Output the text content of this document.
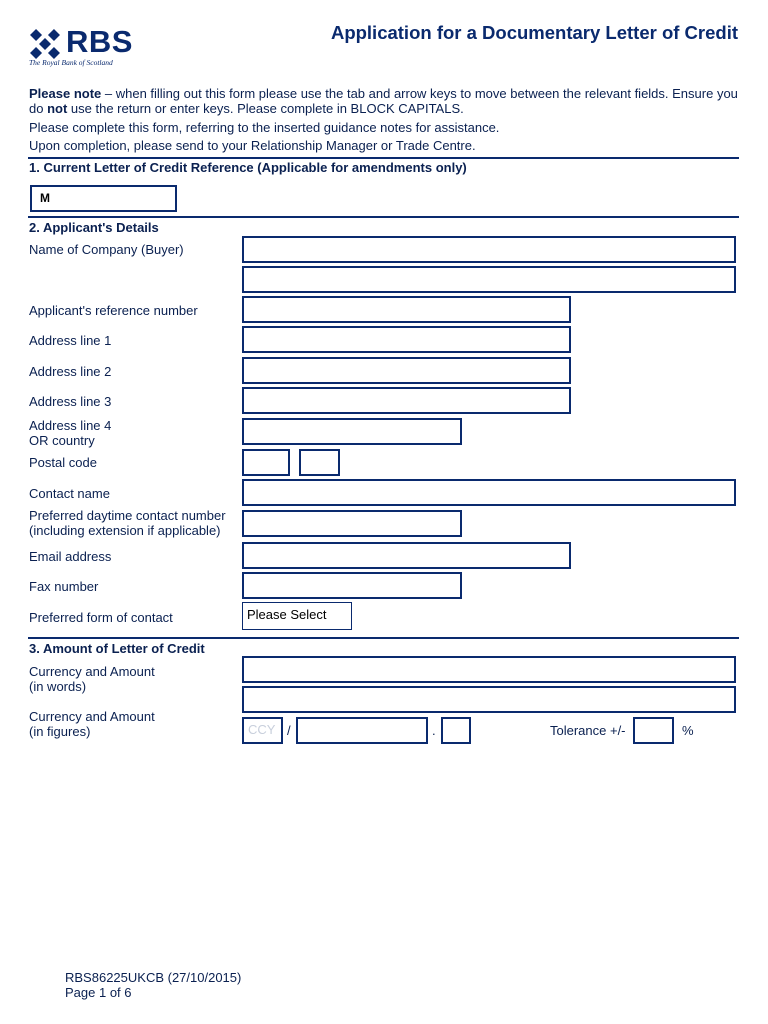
RBS
The Royal Bank of Scotland
Application for a Documentary Letter of Credit
Please note – when filling out this form please use the tab and arrow keys to move between the relevant fields. Ensure you
do not use the return or enter keys. Please complete in BLOCK CAPITALS.
Please complete this form, referring to the inserted guidance notes for assistance.
Upon completion, please send to your Relationship Manager or Trade Centre.
1. Current Letter of Credit Reference (Applicable for amendments only)
M
2. Applicant's Details
Name of Company (Buyer)
Applicant's reference number
Address line 1
Address line 2
Address line 3
Address line 4
OR country
Postal code
Contact name
Preferred daytime contact number
(including extension if applicable)
Email address
Fax number
Preferred form of contact	Please Select
3. Amount of Letter of Credit
Currency and Amount
(in words)
Currency and Amount
(in figures)	CCY /	.	Tolerance +/-	%
RBS86225UKCB (27/10/2015)
Page 1 of 6
